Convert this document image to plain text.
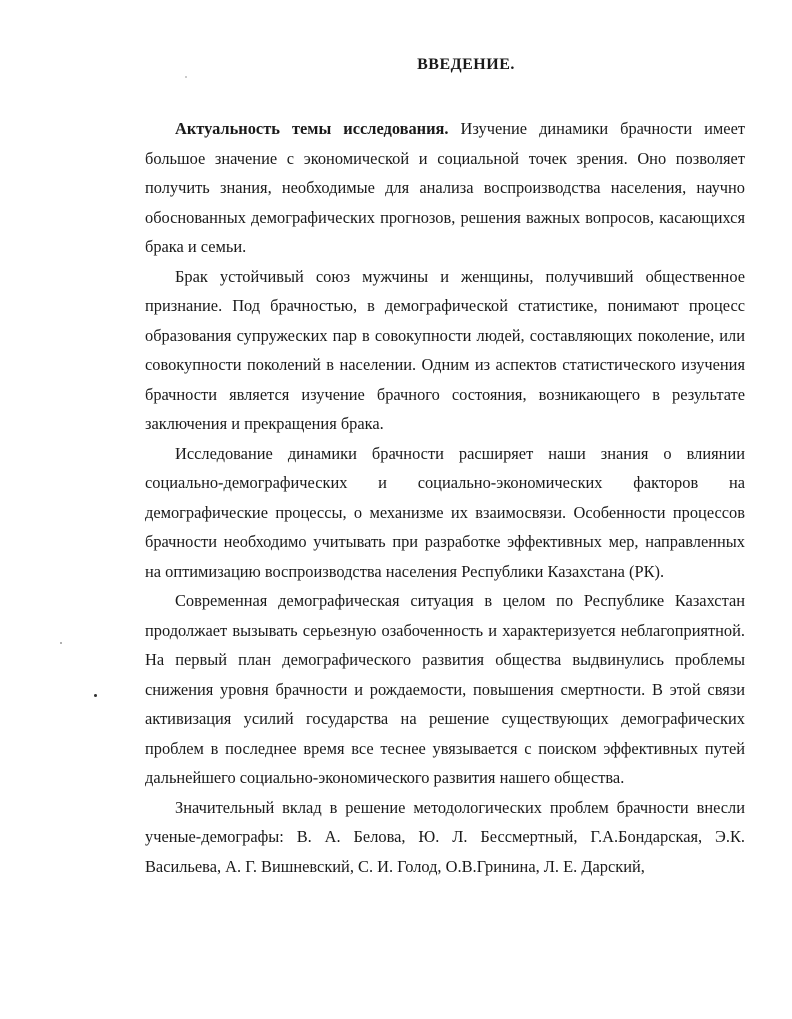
ВВЕДЕНИЕ.

Актуальность темы исследования. Изучение динамики брачности имеет большое значение с экономической и социальной точек зрения. Оно позволяет получить знания, необходимые для анализа воспроизводства населения, научно обоснованных демографических прогнозов, решения важных вопросов, касающихся брака и семьи.

Брак устойчивый союз мужчины и женщины, получивший общественное признание. Под брачностью, в демографической статистике, понимают процесс образования супружеских пар в совокупности людей, составляющих поколение, или совокупности поколений в населении. Одним из аспектов статистического изучения брачности является изучение брачного состояния, возникающего в результате заключения и прекращения брака.

Исследование динамики брачности расширяет наши знания о влиянии социально-демографических и социально-экономических факторов на демографические процессы, о механизме их взаимосвязи. Особенности процессов брачности необходимо учитывать при разработке эффективных мер, направленных на оптимизацию воспроизводства населения Республики Казахстана (РК).

Современная демографическая ситуация в целом по Республике Казахстан продолжает вызывать серьезную озабоченность и характеризуется неблагоприятной. На первый план демографического развития общества выдвинулись проблемы снижения уровня брачности и рождаемости, повышения смертности. В этой связи активизация усилий государства на решение существующих демографических проблем в последнее время все теснее увязывается с поиском эффективных путей дальнейшего социально-экономического развития нашего общества.

Значительный вклад в решение методологических проблем брачности внесли ученые-демографы: В. А. Белова, Ю. Л. Бессмертный, Г.А.Бондарская, Э.К. Васильева, А. Г. Вишневский, С. И. Голод, О.В.Гринина, Л. Е. Дарский,
